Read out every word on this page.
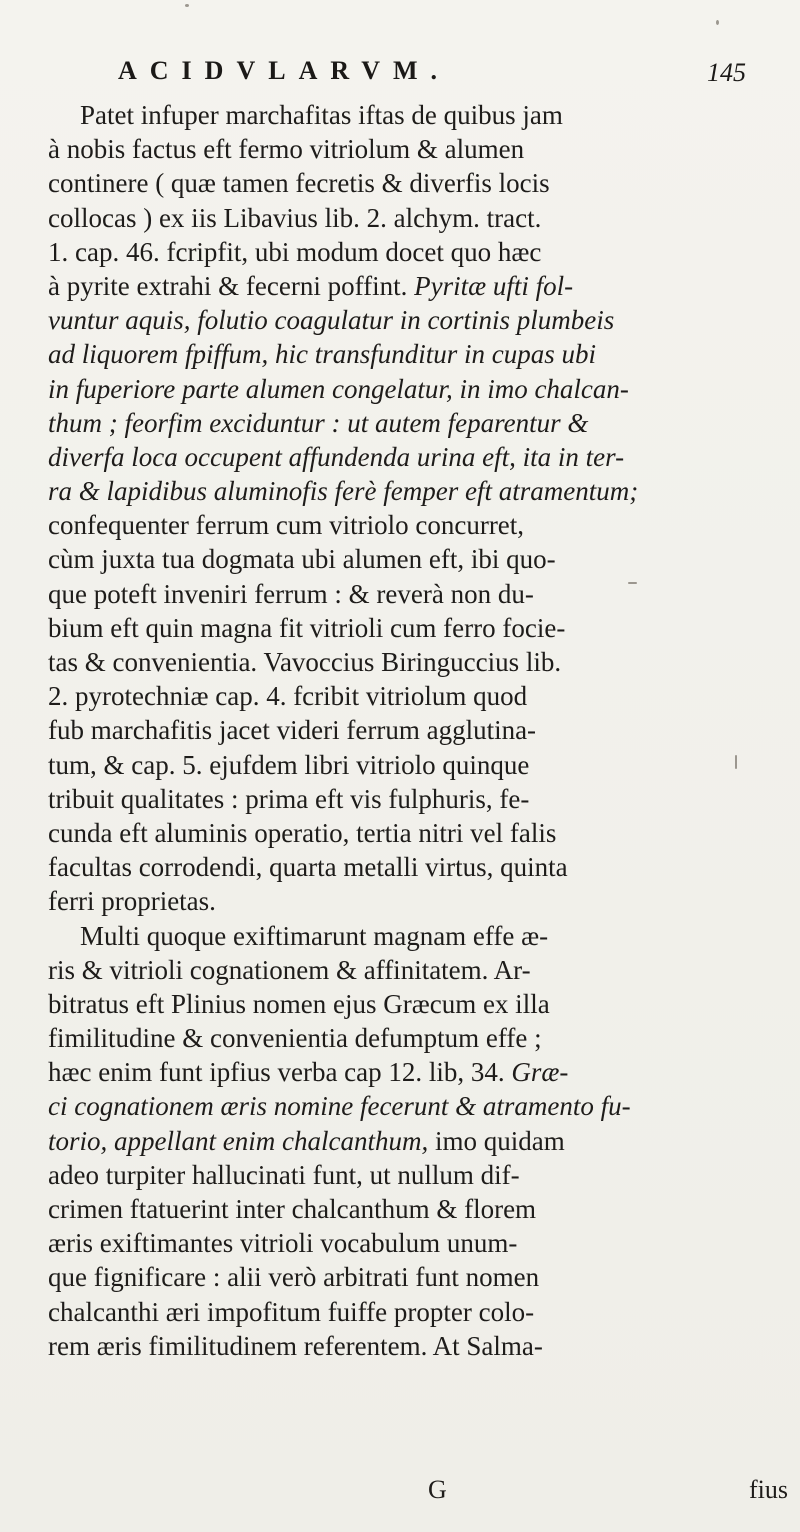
ACIDVLARVM.	145
Patet infuper marchafitas iftas de quibus jam
à nobis factus eft fermo vitriolum & alumen
continere ( quæ tamen fecretis & diverfis locis
collocas ) ex iis Libavius lib. 2. alchym. tract.
1. cap. 46. fcripfit, ubi modum docet quo hæc
à pyrite extrahi & fecerni poffint. Pyritæ ufti fol-
vuntur aquis, folutio coagulatur in cortinis plumbeis
ad liquorem fpiffum, hic transfunditur in cupas ubi
in fuperiore parte alumen congelatur, in imo chalcan-
thum ; feorfim exciduntur : ut autem feparentur &
diverfa loca occupent affundenda urina eft, ita in ter-
ra & lapidibus aluminofis ferè femper eft atramentum;
confequenter ferrum cum vitriolo concurret,
cùm juxta tua dogmata ubi alumen eft, ibi quo-
que poteft inveniri ferrum : & reverà non du-
bium eft quin magna fit vitrioli cum ferro focie-
tas & convenientia. Vavoccius Biringuccius lib.
2. pyrotechniæ cap. 4. fcribit vitriolum quod
fub marchafitis jacet videri ferrum agglutina-
tum, & cap. 5. ejufdem libri vitriolo quinque
tribuit qualitates : prima eft vis fulphuris, fe-
cunda eft aluminis operatio, tertia nitri vel falis
facultas corrodendi, quarta metalli virtus, quinta
ferri proprietas.
Multi quoque exiftimarunt magnam effe æ-
ris & vitrioli cognationem & affinitatem. Ar-
bitratus eft Plinius nomen ejus Græcum ex illa
fimilitudine & convenientia defumptum effe ;
hæc enim funt ipfius verba cap 12. lib, 34. Græ-
ci cognationem æris nomine fecerunt & atramento fu-
torio, appellant enim chalcanthum, imo quidam
adeo turpiter hallucinati funt, ut nullum dif-
crimen ftatuerint inter chalcanthum & florem
æris exiftimantes vitrioli vocabulum unum-
que fignificare : alii verò arbitrati funt nomen
chalcanthi æri impofitum fuiffe propter colo-
rem æris fimilitudinem referentem. At Salma-
G	fius
